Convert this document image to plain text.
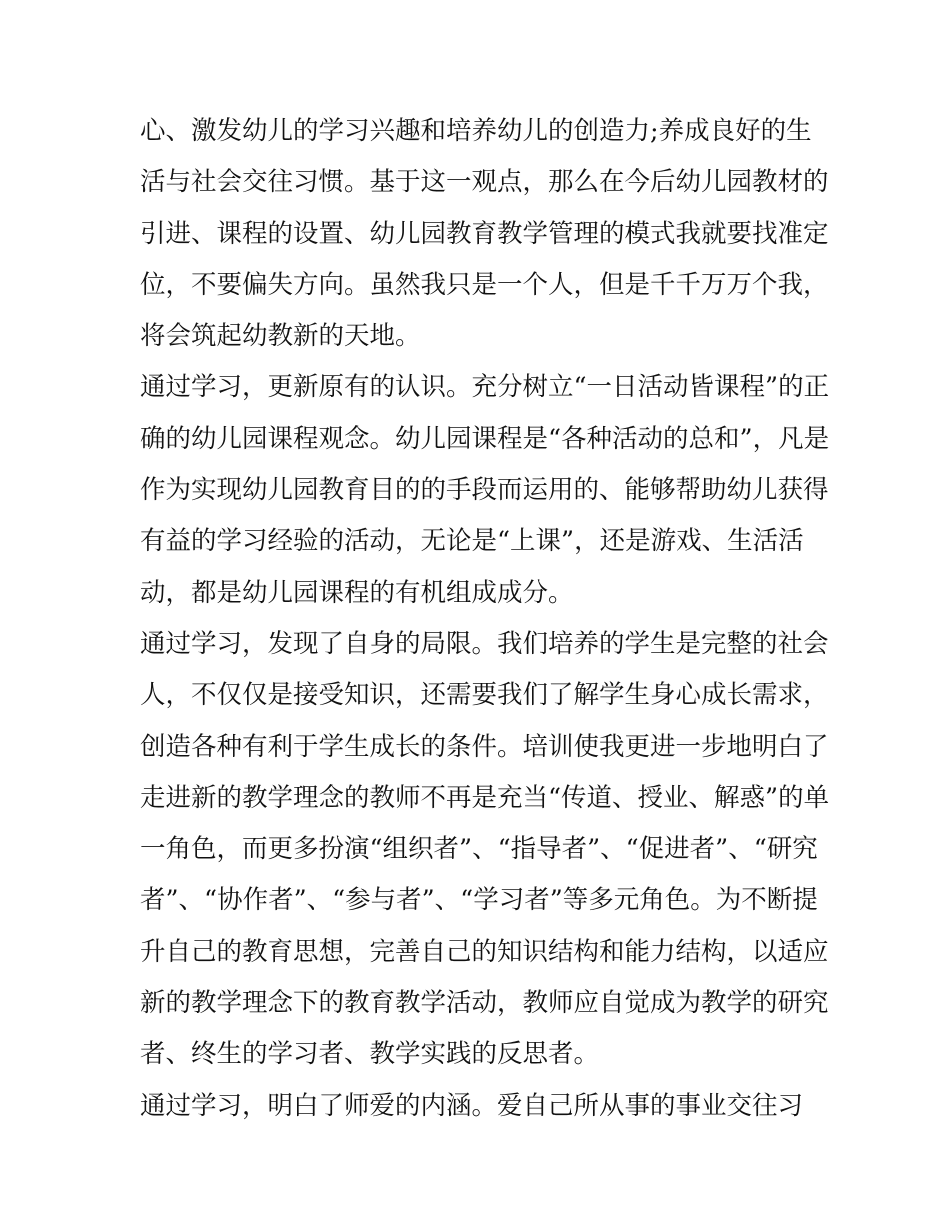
心、激发幼儿的学习兴趣和培养幼儿的创造力;养成良好的生
活与社会交往习惯。基于这一观点，那么在今后幼儿园教材的
引进、课程的设置、幼儿园教育教学管理的模式我就要找准定
位，不要偏失方向。虽然我只是一个人，但是千千万万个我，
将会筑起幼教新的天地。
通过学习，更新原有的认识。充分树立“一日活动皆课程”的正
确的幼儿园课程观念。幼儿园课程是“各种活动的总和”，凡是
作为实现幼儿园教育目的的手段而运用的、能够帮助幼儿获得
有益的学习经验的活动，无论是“上课”，还是游戏、生活活
动，都是幼儿园课程的有机组成成分。
通过学习，发现了自身的局限。我们培养的学生是完整的社会
人，不仅仅是接受知识，还需要我们了解学生身心成长需求，
创造各种有利于学生成长的条件。培训使我更进一步地明白了
走进新的教学理念的教师不再是充当“传道、授业、解惑”的单
一角色，而更多扮演“组织者”、“指导者”、“促进者”、“研究
者”、“协作者”、“参与者”、“学习者”等多元角色。为不断提
升自己的教育思想，完善自己的知识结构和能力结构，以适应
新的教学理念下的教育教学活动，教师应自觉成为教学的研究
者、终生的学习者、教学实践的反思者。
通过学习，明白了师爱的内涵。爱自己所从事的事业交往习
